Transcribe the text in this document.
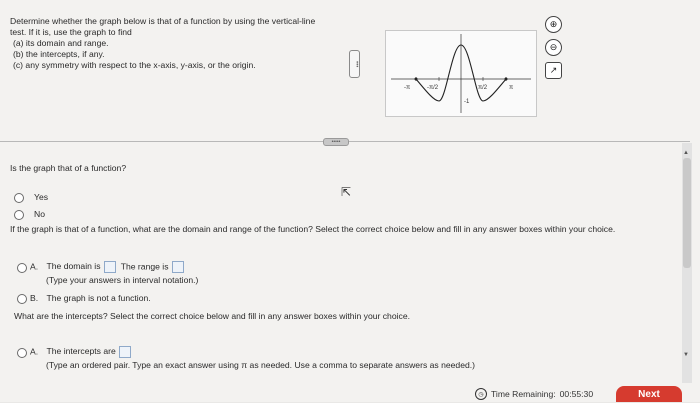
Determine whether the graph below is that of a function by using the vertical-line
test. If it is, use the graph to find
(a) its domain and range.
(b) the intercepts, if any.
(c) any symmetry with respect to the x-axis, y-axis, or the origin.	•••
-π	-π/2	π/2	π
-1
⊕
⊖
↗
•••••
▲
▼
Is the graph that of a function?
Yes
No
⇱
If the graph is that of a function, what are the domain and range of the function? Select the correct choice below and fill in any answer boxes within your choice.
A. The domain is The range is
(Type your answers in interval notation.)
B. The graph is not a function.
What are the intercepts? Select the correct choice below and fill in any answer boxes within your choice.
A. The intercepts are
(Type an ordered pair. Type an exact answer using π as needed. Use a comma to separate answers as needed.)
◷ Time Remaining: 00:55:30	Next
